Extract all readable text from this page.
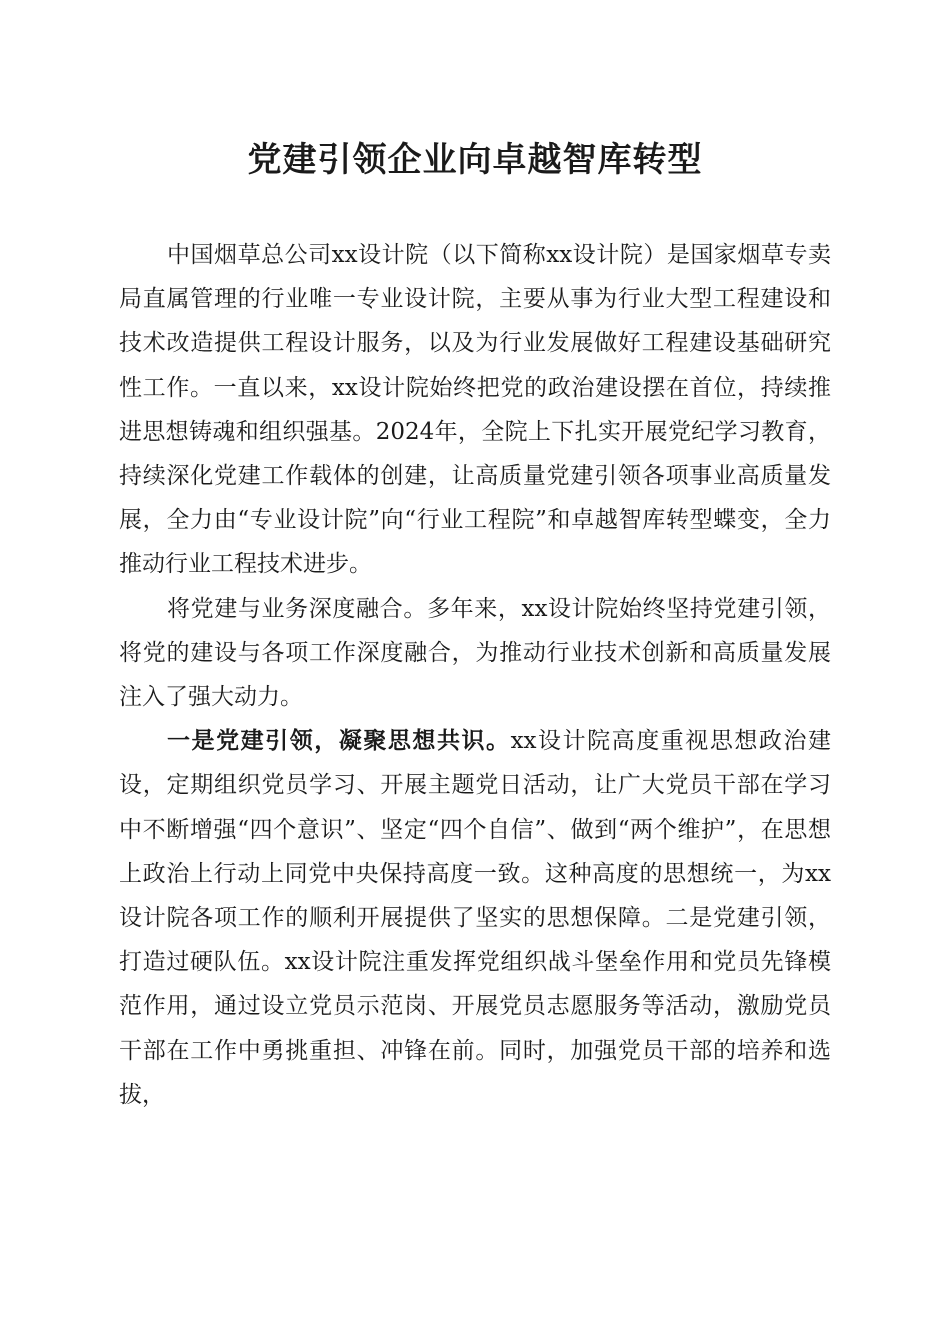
党建引领企业向卓越智库转型

中国烟草总公司xx设计院（以下简称xx设计院）是国家烟草专卖局直属管理的行业唯一专业设计院，主要从事为行业大型工程建设和技术改造提供工程设计服务，以及为行业发展做好工程建设基础研究性工作。一直以来，xx设计院始终把党的政治建设摆在首位，持续推进思想铸魂和组织强基。2024年，全院上下扎实开展党纪学习教育，持续深化党建工作载体的创建，让高质量党建引领各项事业高质量发展，全力由“专业设计院”向“行业工程院”和卓越智库转型蝶变，全力推动行业工程技术进步。

将党建与业务深度融合。多年来，xx设计院始终坚持党建引领，将党的建设与各项工作深度融合，为推动行业技术创新和高质量发展注入了强大动力。

一是党建引领，凝聚思想共识。xx设计院高度重视思想政治建设，定期组织党员学习、开展主题党日活动，让广大党员干部在学习中不断增强“四个意识”、坚定“四个自信”、做到“两个维护”，在思想上政治上行动上同党中央保持高度一致。这种高度的思想统一，为xx设计院各项工作的顺利开展提供了坚实的思想保障。二是党建引领，打造过硬队伍。xx设计院注重发挥党组织战斗堡垒作用和党员先锋模范作用，通过设立党员示范岗、开展党员志愿服务等活动，激励党员干部在工作中勇挑重担、冲锋在前。同时，加强党员干部的培养和选拔，
